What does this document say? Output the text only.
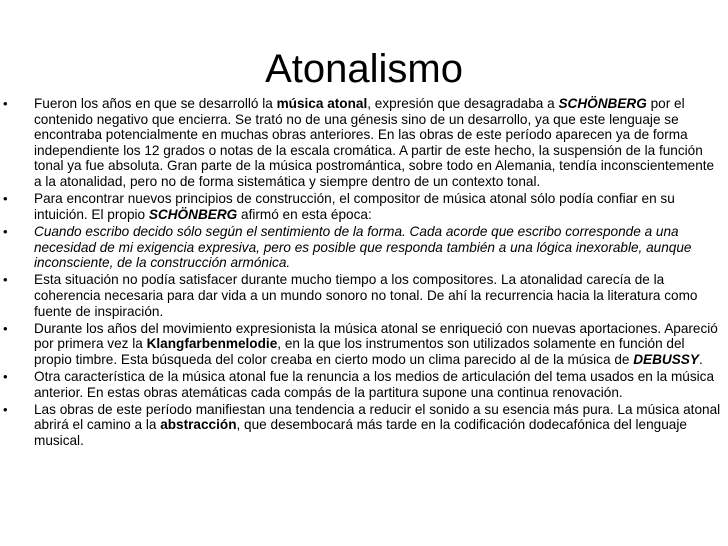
Atonalismo
• Fueron los años en que se desarrolló la música atonal, expresión que desagradaba a SCHÖNBERG por el contenido negativo que encierra. Se trató no de una génesis sino de un desarrollo, ya que este lenguaje se encontraba potencialmente en muchas obras anteriores. En las obras de este período aparecen ya de forma independiente los 12 grados o notas de la escala cromática. A partir de este hecho, la suspensión de la función tonal ya fue absoluta. Gran parte de la música postromántica, sobre todo en Alemania, tendía inconscientemente a la atonalidad, pero no de forma sistemática y siempre dentro de un contexto tonal.
• Para encontrar nuevos principios de construcción, el compositor de música atonal sólo podía confiar en su intuición. El propio SCHÖNBERG afirmó en esta época:
• Cuando escribo decido sólo según el sentimiento de la forma. Cada acorde que escribo corresponde a una necesidad de mi exigencia expresiva, pero es posible que responda también a una lógica inexorable, aunque inconsciente, de la construcción armónica.
• Esta situación no podía satisfacer durante mucho tiempo a los compositores. La atonalidad carecía de la coherencia necesaria para dar vida a un mundo sonoro no tonal. De ahí la recurrencia hacia la literatura como fuente de inspiración.
• Durante los años del movimiento expresionista la música atonal se enriqueció con nuevas aportaciones. Apareció por primera vez la Klangfarbenmelodie, en la que los instrumentos son utilizados solamente en función del propio timbre. Esta búsqueda del color creaba en cierto modo un clima parecido al de la música de DEBUSSY.
• Otra característica de la música atonal fue la renuncia a los medios de articulación del tema usados en la música anterior. En estas obras atemáticas cada compás de la partitura supone una continua renovación.
• Las obras de este período manifiestan una tendencia a reducir el sonido a su esencia más pura. La música atonal abrirá el camino a la abstracción, que desembocará más tarde en la codificación dodecafónica del lenguaje musical.
